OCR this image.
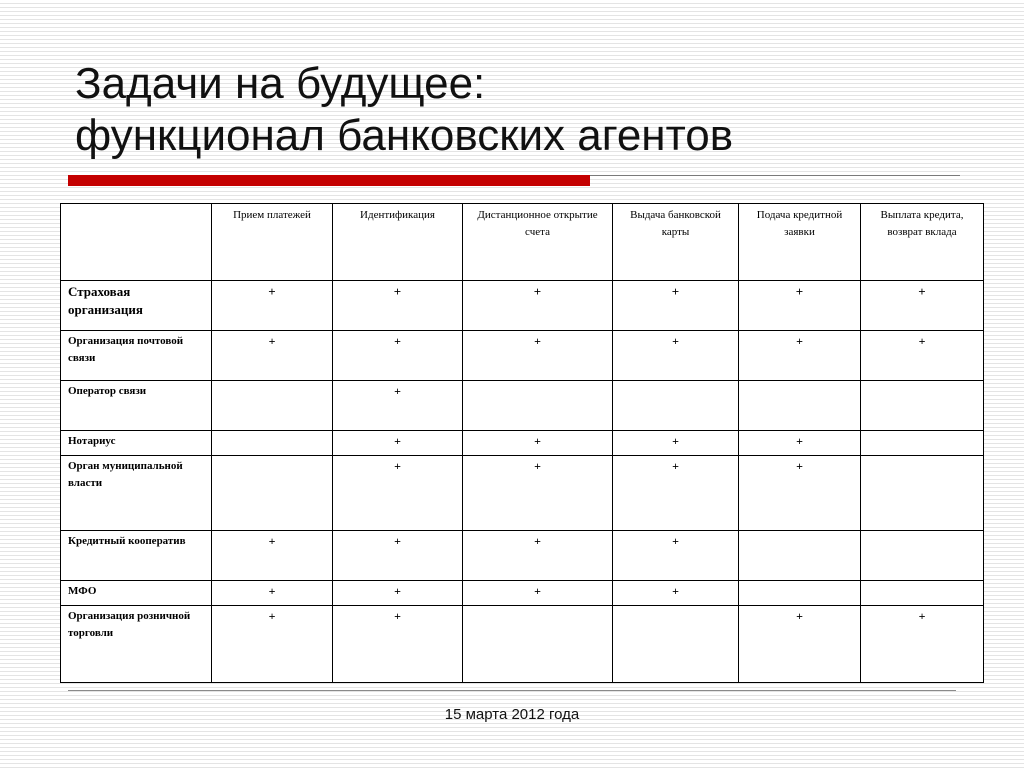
Задачи на будущее:
функционал банковских агентов
	Прием платежей	Идентификация	Дистанционное открытие счета	Выдача банковской карты	Подача кредитной заявки	Выплата кредита, возврат вклада
Страховая организация	+	+	+	+	+	+
Организация почтовой связи	+	+	+	+	+	+
Оператор связи		+				
Нотариус		+	+	+	+	
Орган муниципальной власти		+	+	+	+	
Кредитный кооператив	+	+	+	+		
МФО	+	+	+	+		
Организация розничной торговли	+	+			+	+
15 марта 2012 года
